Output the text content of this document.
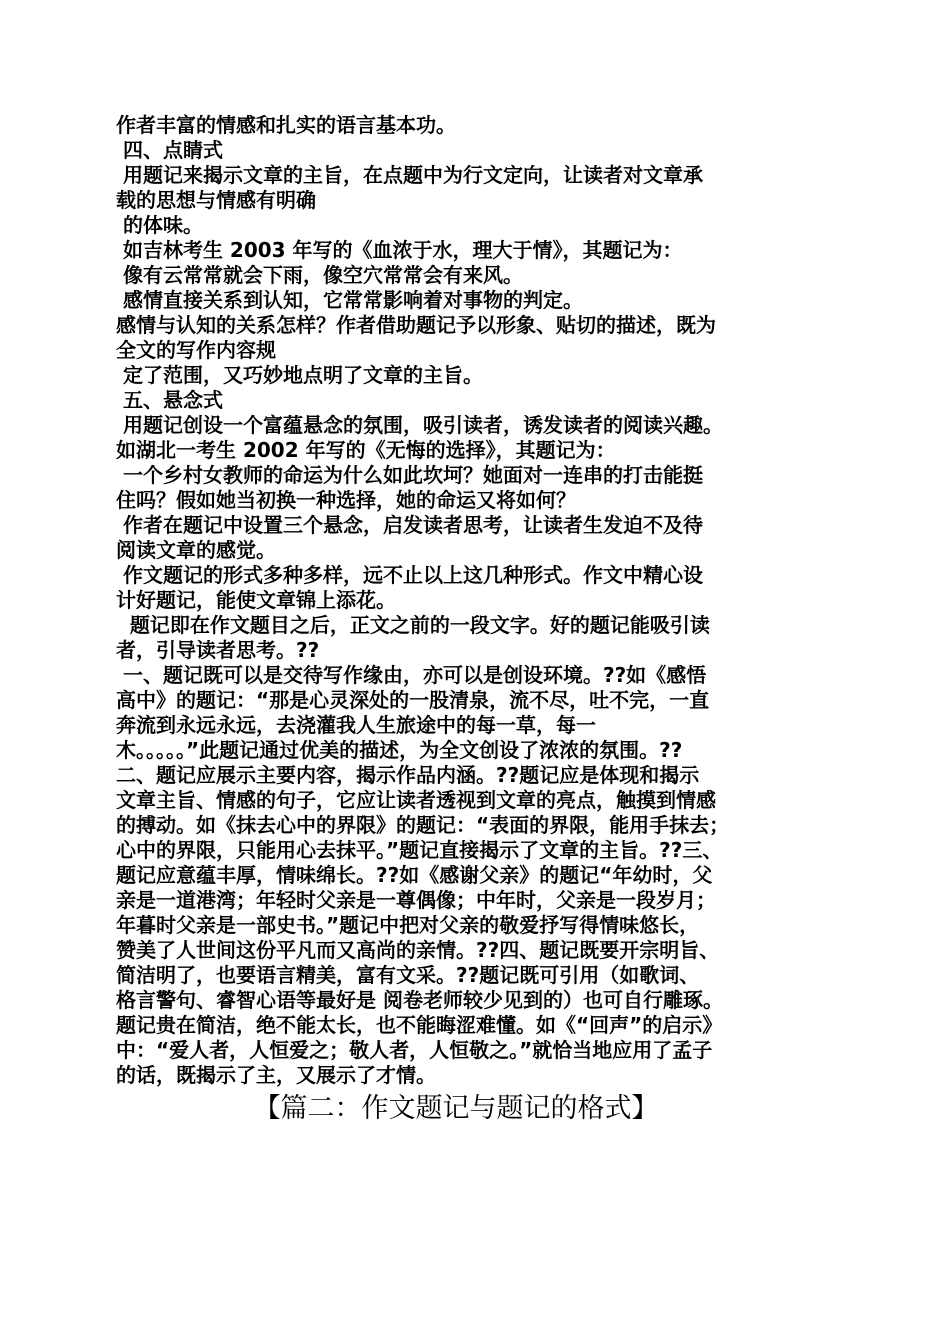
作者丰富的情感和扎实的语言基本功。
四、点睛式
用题记来揭示文章的主旨，在点题中为行文定向，让读者对文章承
载的思想与情感有明确
的体味。
如吉林考生 2003 年写的《血浓于水，理大于情》，其题记为：
像有云常常就会下雨，像空穴常常会有来风。
感情直接关系到认知，它常常影响着对事物的判定。
感情与认知的关系怎样？作者借助题记予以形象、贴切的描述，既为
全文的写作内容规
定了范围，又巧妙地点明了文章的主旨。
五、悬念式
用题记创设一个富蕴悬念的氛围，吸引读者，诱发读者的阅读兴趣。
如湖北一考生 2002 年写的《无悔的选择》，其题记为：
一个乡村女教师的命运为什么如此坎坷？她面对一连串的打击能挺
住吗？假如她当初换一种选择，她的命运又将如何？
作者在题记中设置三个悬念，启发读者思考，让读者生发迫不及待
阅读文章的感觉。
作文题记的形式多种多样，远不止以上这几种形式。作文中精心设
计好题记，能使文章锦上添花。
题记即在作文题目之后，正文之前的一段文字。好的题记能吸引读
者，引导读者思考。??
一、题记既可以是交待写作缘由，亦可以是创设环境。??如《感悟
高中》的题记：“那是心灵深处的一股清泉，流不尽，吐不完，一直
奔流到永远永远，去浇灌我人生旅途中的每一草，每一
木。。。。。”此题记通过优美的描述，为全文创设了浓浓的氛围。??
二、题记应展示主要内容，揭示作品内涵。??题记应是体现和揭示
文章主旨、情感的句子，它应让读者透视到文章的亮点，触摸到情感
的搏动。如《抹去心中的界限》的题记：“表面的界限，能用手抹去；
心中的界限，只能用心去抹平。”题记直接揭示了文章的主旨。??三、
题记应意蕴丰厚，情味绵长。??如《感谢父亲》的题记“年幼时，父
亲是一道港湾；年轻时父亲是一尊偶像；中年时，父亲是一段岁月；
年暮时父亲是一部史书。”题记中把对父亲的敬爱抒写得情味悠长，
赞美了人世间这份平凡而又高尚的亲情。??四、题记既要开宗明旨、
简洁明了，也要语言精美，富有文采。??题记既可引用（如歌词、
格言警句、睿智心语等最好是 阅卷老师较少见到的）也可自行雕琢。
题记贵在简洁，绝不能太长，也不能晦涩难懂。如《“回声”的启示》
中：“爱人者，人恒爱之；敬人者，人恒敬之。”就恰当地应用了孟子
的话，既揭示了主，又展示了才情。
【篇二：作文题记与题记的格式】
